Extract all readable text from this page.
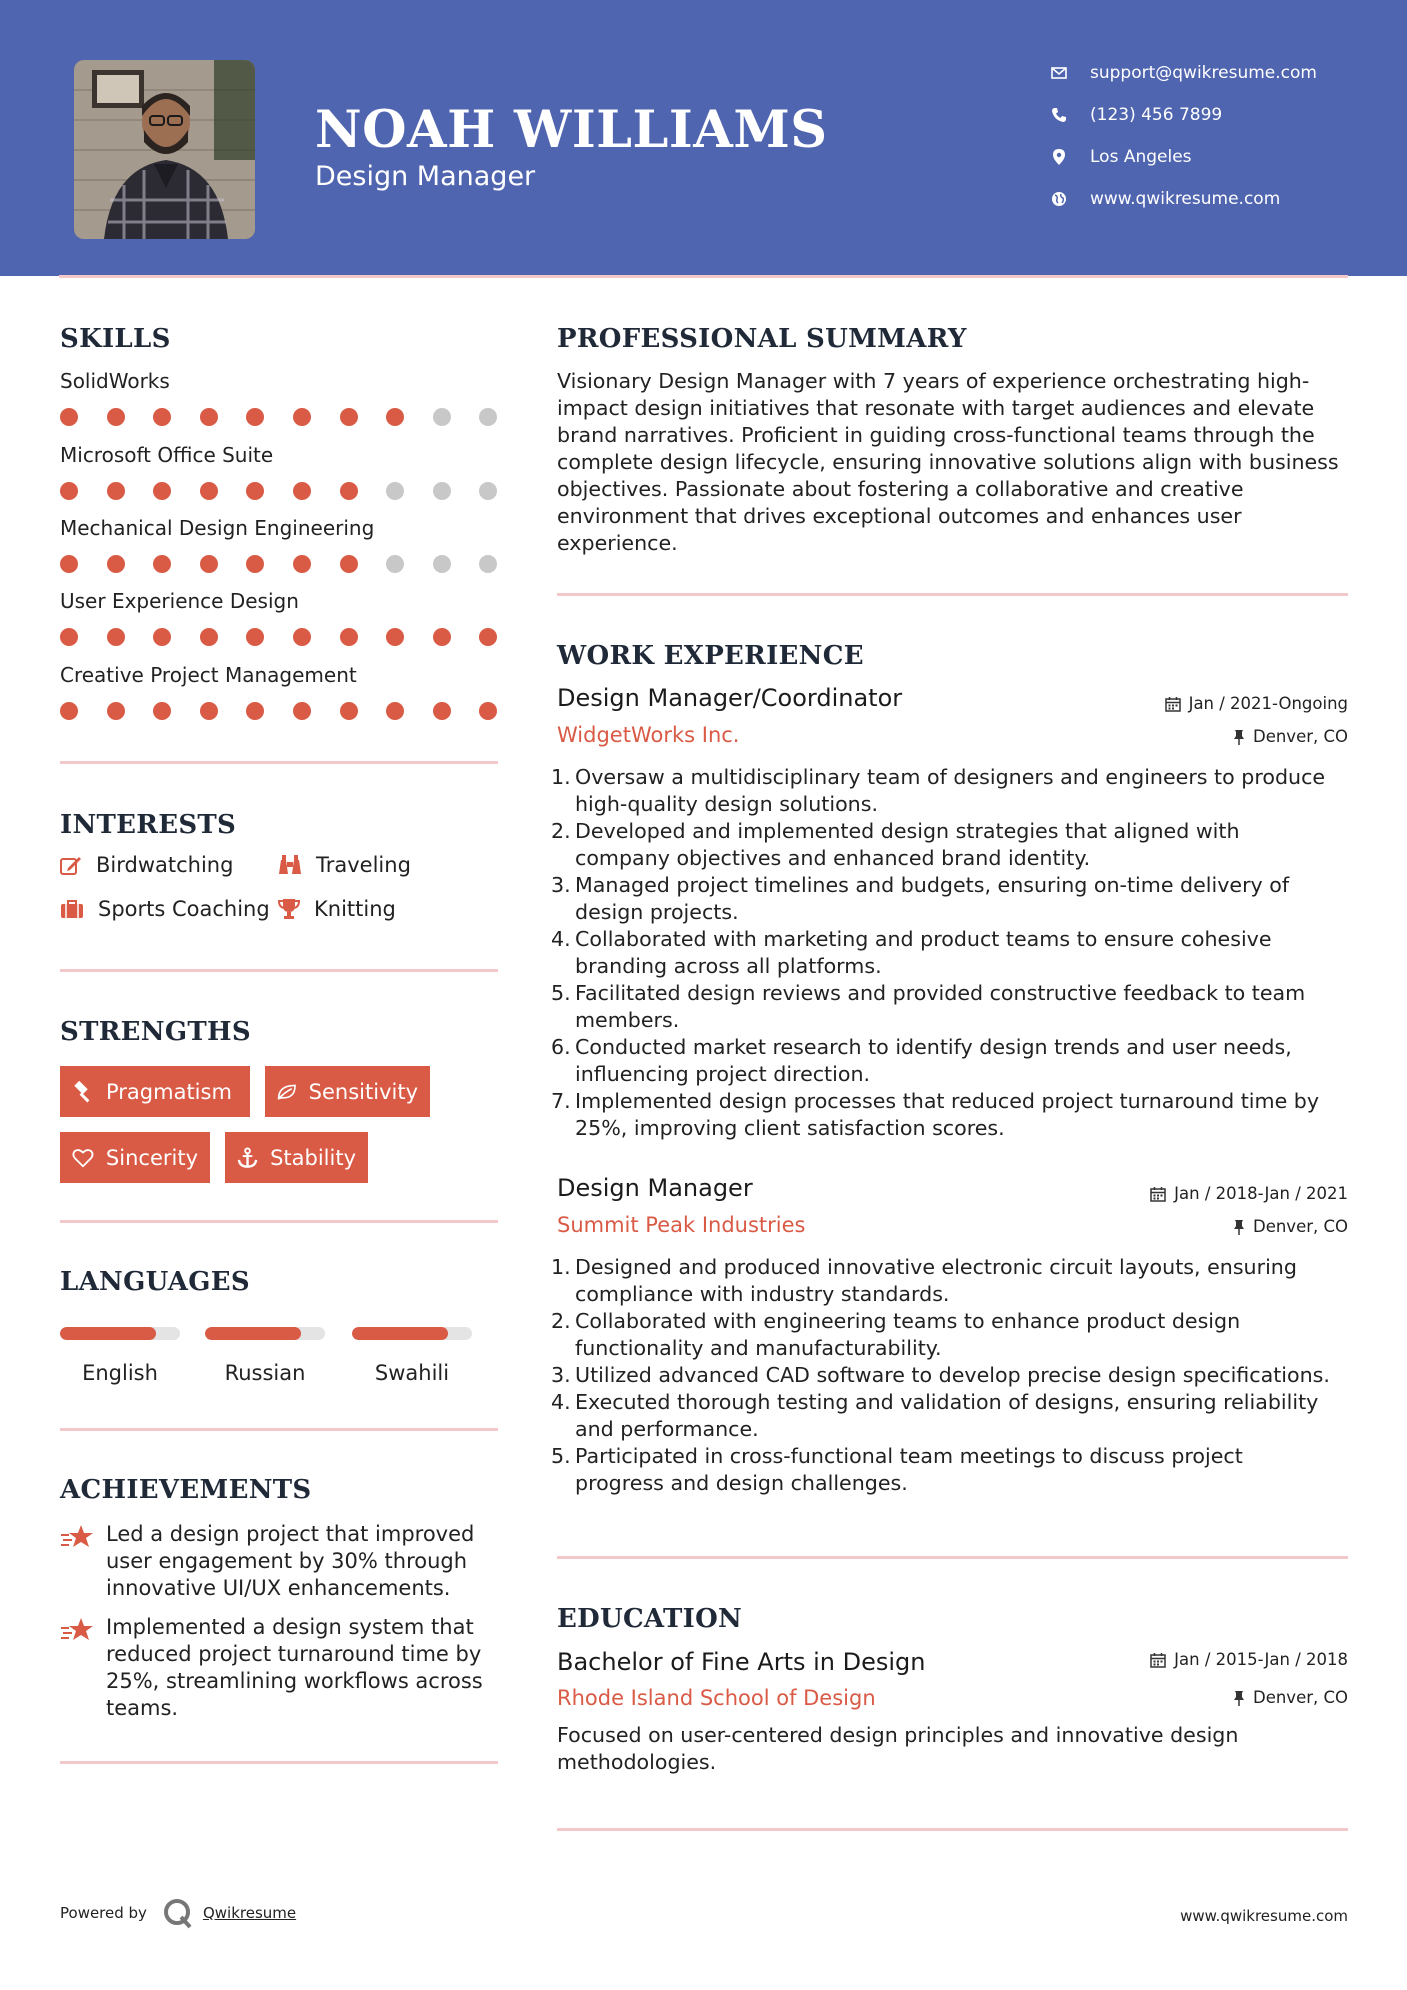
NOAH WILLIAMS
Design Manager
support@qwikresume.com
(123) 456 7899
Los Angeles
www.qwikresume.com
SKILLS
SolidWorks
Microsoft Office Suite
Mechanical Design Engineering
User Experience Design
Creative Project Management
INTERESTS
Birdwatching	Traveling
Sports Coaching Knitting
STRENGTHS
Pragmatism	Sensitivity
Sincerity	Stability
LANGUAGES
English	Russian	Swahili
ACHIEVEMENTS
Led a design project that improved
user engagement by 30% through
innovative UI/UX enhancements.
Implemented a design system that
reduced project turnaround time by
25%, streamlining workflows across
teams.
PROFESSIONAL SUMMARY
Visionary Design Manager with 7 years of experience orchestrating high-
impact design initiatives that resonate with target audiences and elevate
brand narratives. Proficient in guiding cross-functional teams through the
complete design lifecycle, ensuring innovative solutions align with business
objectives. Passionate about fostering a collaborative and creative
environment that drives exceptional outcomes and enhances user
experience.
WORK EXPERIENCE
Design Manager/Coordinator	Jan / 2021-Ongoing
WidgetWorks Inc.	Denver, CO
1. Oversaw a multidisciplinary team of designers and engineers to produce
high-quality design solutions.
2. Developed and implemented design strategies that aligned with
company objectives and enhanced brand identity.
3. Managed project timelines and budgets, ensuring on-time delivery of
design projects.
4. Collaborated with marketing and product teams to ensure cohesive
branding across all platforms.
5. Facilitated design reviews and provided constructive feedback to team
members.
6. Conducted market research to identify design trends and user needs,
influencing project direction.
7. Implemented design processes that reduced project turnaround time by
25%, improving client satisfaction scores.
Design Manager	Jan / 2018-Jan / 2021
Summit Peak Industries	Denver, CO
1. Designed and produced innovative electronic circuit layouts, ensuring
compliance with industry standards.
2. Collaborated with engineering teams to enhance product design
functionality and manufacturability.
3. Utilized advanced CAD software to develop precise design specifications.
4. Executed thorough testing and validation of designs, ensuring reliability
and performance.
5. Participated in cross-functional team meetings to discuss project
progress and design challenges.
EDUCATION
Bachelor of Fine Arts in Design	Jan / 2015-Jan / 2018
Rhode Island School of Design	Denver, CO
Focused on user-centered design principles and innovative design
methodologies.
Powered by	Qwikresume	www.qwikresume.com
